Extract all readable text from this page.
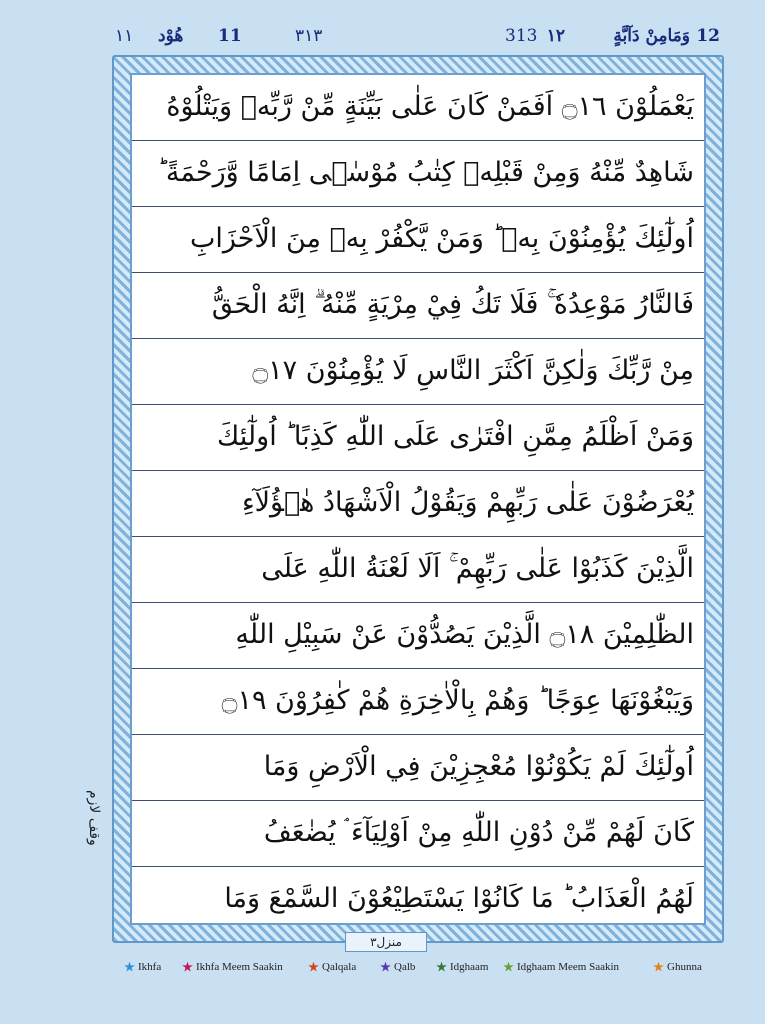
12
وَمَامِنْ دَآبَّةٍ
١٢
313
٣١٣
11
هُوْد
١١
يَعْمَلُوْنَ ۝١٦ اَفَمَنْ كَانَ عَلٰى بَيِّنَةٍ مِّنْ رَّبِّهٖ وَيَتْلُوْهُ
شَاهِدٌ مِّنْهُ وَمِنْ قَبْلِهٖ كِتٰبُ مُوْسٰۤى اِمَامًا وَّرَحْمَةً ؕ
اُولٰٓئِكَ يُؤْمِنُوْنَ بِهٖ ؕ وَمَنْ يَّكْفُرْ بِهٖ مِنَ الْاَحْزَابِ
فَالنَّارُ مَوْعِدُهٗ ۚ فَلَا تَكُ فِيْ مِرْيَةٍ مِّنْهُ ۗ اِنَّهُ الْحَقُّ
مِنْ رَّبِّكَ وَلٰكِنَّ اَكْثَرَ النَّاسِ لَا يُؤْمِنُوْنَ ۝١٧
وَمَنْ اَظْلَمُ مِمَّنِ افْتَرٰى عَلَى اللّٰهِ كَذِبًا ؕ اُولٰٓئِكَ
يُعْرَضُوْنَ عَلٰى رَبِّهِمْ وَيَقُوْلُ الْاَشْهَادُ هٰۤؤُلَآءِ
الَّذِيْنَ كَذَبُوْا عَلٰى رَبِّهِمْ ۚ اَلَا لَعْنَةُ اللّٰهِ عَلَى
الظّٰلِمِيْنَ ۝١٨ الَّذِيْنَ يَصُدُّوْنَ عَنْ سَبِيْلِ اللّٰهِ
وَيَبْغُوْنَهَا عِوَجًا ؕ وَهُمْ بِالْاٰخِرَةِ هُمْ كٰفِرُوْنَ ۝١٩
اُولٰٓئِكَ لَمْ يَكُوْنُوْا مُعْجِزِيْنَ فِي الْاَرْضِ وَمَا
كَانَ لَهُمْ مِّنْ دُوْنِ اللّٰهِ مِنْ اَوْلِيَآءَ ۘ يُضٰعَفُ
لَهُمُ الْعَذَابُ ؕ مَا كَانُوْا يَسْتَطِيْعُوْنَ السَّمْعَ وَمَا
منزل٣
وقف لازم
Ikhfa	Ikhfa Meem Saakin	Qalqala	Qalb	Idghaam	Idghaam Meem Saakin	Ghunna
